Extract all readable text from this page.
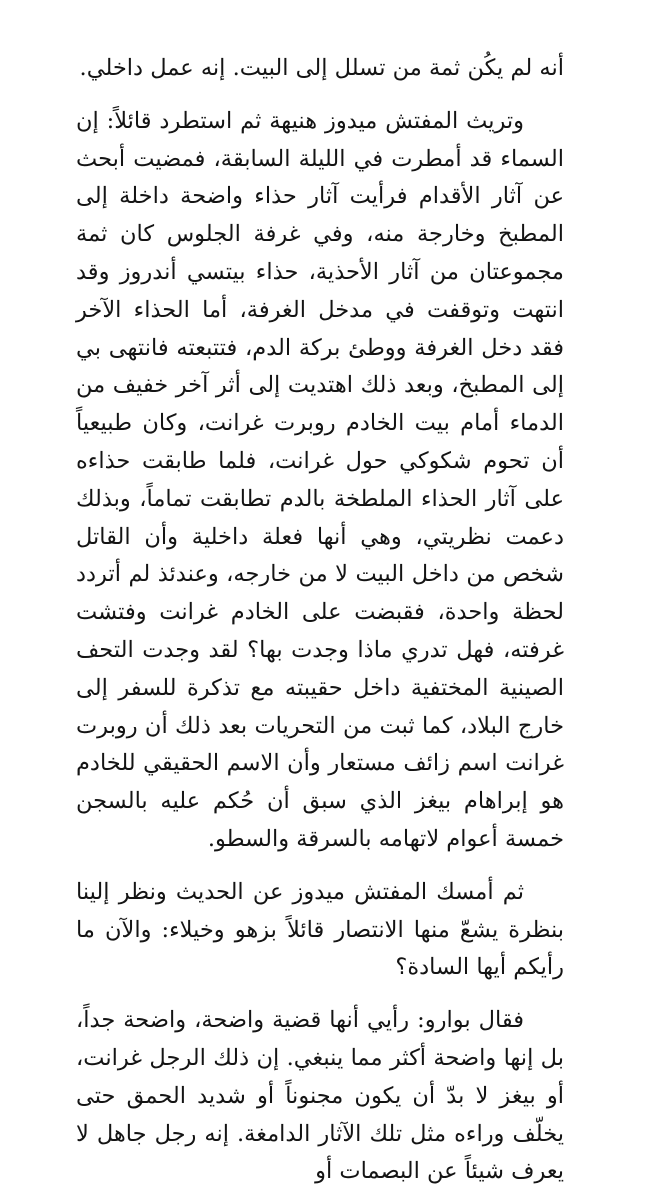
أنه لم يكُن ثمة من تسلل إلى البيت. إنه عمل داخلي.

وتريث المفتش ميدوز هنيهة ثم استطرد قائلاً: إن السماء قد أمطرت في الليلة السابقة، فمضيت أبحث عن آثار الأقدام فرأيت آثار حذاء واضحة داخلة إلى المطبخ وخارجة منه، وفي غرفة الجلوس كان ثمة مجموعتان من آثار الأحذية، حذاء بيتسي أندروز وقد انتهت وتوقفت في مدخل الغرفة، أما الحذاء الآخر فقد دخل الغرفة ووطئ بركة الدم، فتتبعته فانتهى بي إلى المطبخ، وبعد ذلك اهتديت إلى أثر آخر خفيف من الدماء أمام بيت الخادم روبرت غرانت، وكان طبيعياً أن تحوم شكوكي حول غرانت، فلما طابقت حذاءه على آثار الحذاء الملطخة بالدم تطابقت تماماً، وبذلك دعمت نظريتي، وهي أنها فعلة داخلية وأن القاتل شخص من داخل البيت لا من خارجه، وعندئذ لم أتردد لحظة واحدة، فقبضت على الخادم غرانت وفتشت غرفته، فهل تدري ماذا وجدت بها؟ لقد وجدت التحف الصينية المختفية داخل حقيبته مع تذكرة للسفر إلى خارج البلاد، كما ثبت من التحريات بعد ذلك أن روبرت غرانت اسم زائف مستعار وأن الاسم الحقيقي للخادم هو إبراهام بيغز الذي سبق أن حُكم عليه بالسجن خمسة أعوام لاتهامه بالسرقة والسطو.

ثم أمسك المفتش ميدوز عن الحديث ونظر إلينا بنظرة يشعّ منها الانتصار قائلاً بزهو وخيلاء: والآن ما رأيكم أيها السادة؟

فقال بوارو: رأيي أنها قضية واضحة، واضحة جداً، بل إنها واضحة أكثر مما ينبغي. إن ذلك الرجل غرانت، أو بيغز لا بدّ أن يكون مجنوناً أو شديد الحمق حتى يخلّف وراءه مثل تلك الآثار الدامغة. إنه رجل جاهل لا يعرف شيئاً عن البصمات أو
